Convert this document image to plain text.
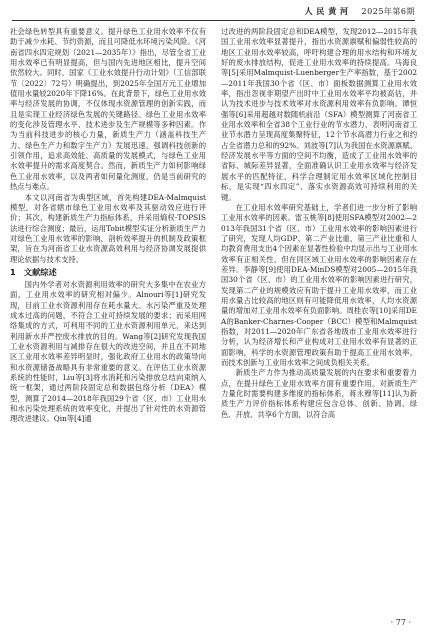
人 民 黄 河 2025年第6期

社会绿色转型具有重要意义。提升绿色工业用水效率不仅有助于减少水耗、节约资源，而且可降低水环境污染风险。《河南省四水四定规划（2021—2035年）》指出，尽管全省工业用水效率已有明显提高，但与国内先进地区相比，提升空间依然较大。同时，国家《工业水效提升行动计划》（工信部联节〔2022〕72号）明确提出，到2025年全国万元工业增加值用水量较2020年下降16%。在此背景下，绿色工业用水效率与经济发展的协调，不仅体现水资源管理的创新实践，而且是实现工业经济绿色发展的关键路径。绿色工业用水效率的变化涉及管理水平、技术进步及生产规模等多种因素。作为当前科技进步的核心力量，新质生产力（涵盖科技生产力、绿色生产力和数字生产力）发展迅速，强调科技创新的引领作用，追求高效能、高质量的发展模式，与绿色工业用水效率提升的需求高度契合。然而，新质生产力如何影响绿色工业用水效率，以及两者如何量化测度，仍是当前研究的热点与难点。

本文以河南省为典型区域，首先构建DEA-Malmquist模型，对各省辖市绿色工业用水效率及其驱动效应进行评价；其次，构建新质生产力指标体系，并采用熵权-TOPSIS法进行综合测度；最后，运用Tobit模型实证分析新质生产力对绿色工业用水效率的影响，剖析效率提升的机制及政策框架，旨在为河南省工业水资源高效利用与经济协调发展提供理论依据与技术支持。

1　文献综述

国内外学者对水资源利用效率的研究大多集中在农业方面，工业用水效率的研究相对偏少。Alnouri等[1]研究发现，目前工业水资源利用存在耗水量大、水污染严重及处理成本过高的问题，不符合工业可持续发展的要求；而采用网络集成的方式，可利用不同的工业水资源利用单元，来达到利用新水并严控废水排放的目的。Wang等[2]研究发现我国工业水资源利用与减排存在很大的改进空间，并且在不同地区工业用水效率差异明显时，强化政府工业用水的政策导向和水资源储备战略具有非常重要的意义。在评估工业水资源系统的性能时，Liu等[3]将水消耗和污染排放总结向束纳入统一框架，通过两阶段固定总和数据包络分析（DEA）模型，测算了2014—2018年我国29个省（区、市）工业用水和水污染处理系统的效率变化，并提出了针对性的水资源管理改进建议。Qin等[4]通

过改进的两阶段固定总和DEA模型，发现2012—2015年我国工业用水效率显著提升，指出水资源禀赋和偏弱性较高的地区工业用水效率较高，呼吁构建合理的用水结构和环境友好的废水排放结构，促进工业用水效率的持续提高。马海良等[5]采用Malmquist-Luenberger生产率指数，基于2002—2011年我国30个省（区、市）面板数据测算工业用水效率，指出忽视非期望产出时中工业用水效率平均被高估，并认为技术进步与技术效率对水资源利用效率有负影响。谭恒强等[6]采用超越对数随机前沿（SFA）模型测算了河南省工业用水效率和全省38个工业行业的节水潜力，表明河南省工业节水潜力呈现高度集聚特征，12个节水高潜力行业之和约占全省潜力总和的92%。刘波等[7]认为我国在水资源禀赋、经济发展水平等方面的空间不均衡，造成了工业用水效率的省际、城际差异显著，全面准确认识工业用水效率与经济发展水平的匹配特征，科学合理制定用水效率区域化控制目标，是实现“四水四定”、落实水资源高效可持续利用的关键。

在工业用水效率研究基础上，学者们进一步分析了影响工业用水效率的因素。雷玉桃等[8]使用SFA模型对2002—2013年我国31个省（区、市）工业用水效率的影响因素进行了研究，发现人均GDP、第二产业比重、第三产业比重和人均教育费用支出4个因素在显著性检验中均显示出与工业用水效率有正相关性，但在同区域工业用水效率的影响因素存在差异。李静等[9]使用DEA-MinDS模型对2005—2015年我国30个省（区、市）的工业用水效率的影响因素进行研究，发现第二产业的规模效应有助于提升工业用水效率，而工业用水量占比较高的地区则有可能降低用水效率，人均水资源量的增加对工业用水效率有负面影响。周桂农等[10]采用DEA的Banker-Charnes-Cooper（BCC）模型和Malmquist指数，对2011—2020年广东省各地级市工业用水效率进行分析，认为经济增长和产业构成对工业用水效率有显著的正面影响，科学的水资源管理政策有助于提高工业用水效率，而技术创新与工业用水效率之间成负相关关系。

新质生产力作为推动高质量发展的内在要求和重要着力点，在提升绿色工业用水效率方面有重要作用。对新质生产力量化时需要构建多维度的指标体系，蒋永穆等[11]认为新质生产力评价指标体系构建应包含总体、创新、协调、绿色、开放、共享6个方面，以符合高

· 77 ·
